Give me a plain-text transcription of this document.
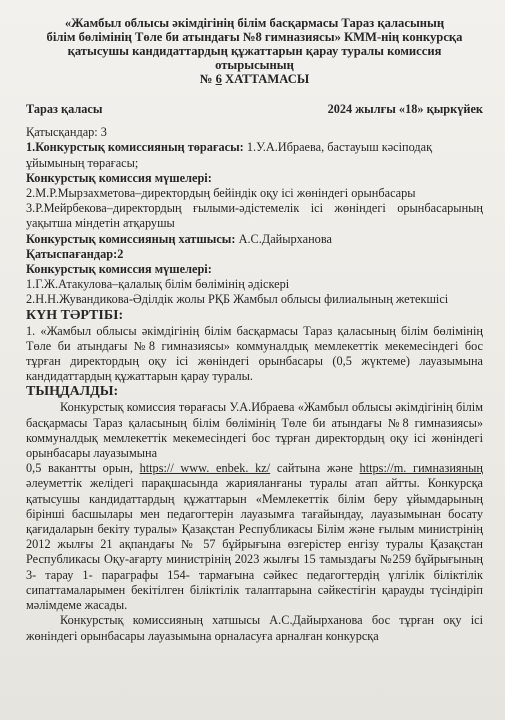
«Жамбыл облысы әкімдігінің білім басқармасы Тараз қаласының
білім бөлімінің Төле би атындағы №8 гимназиясы» КММ-нің конкурсқа
қатысушы кандидаттардың құжаттарын қарау туралы комиссия
отырысының
№ 6 ХАТТАМАСЫ
Тараз қаласы	2024 жылғы «18» қыркүйек

Қатысқандар: 3

1.Конкурстық комиссияның төрағасы: 1.У.А.Ибраева, бастауыш кәсіподақ ұйымының төрағасы;

Конкурстық комиссия мүшелері:

2.М.Р.Мырзахметова–директордың бейіндік оқу ісі жөніндегі орынбасары

3.Р.Мейрбекова–директордың ғылыми-әдістемелік ісі жөніндегі орынбасарының уақытша міндетін атқарушы

Конкурстық комиссияның хатшысы: А.С.Дайырханова

Қатыспағандар:2

Конкурстық комиссия мүшелері:

1.Г.Ж.Атакулова–қалалық білім бөлімінің әдіскері

2.Н.Н.Жувандикова-Әділдік жолы РҚБ Жамбыл облысы филиалының жетекшісі

КҮН ТӘРТІБІ:

1. «Жамбыл облысы әкімдігінің білім басқармасы Тараз қаласының білім бөлімінің Төле би атындағы №8 гимназиясы» коммуналдық мемлекеттік мекемесіндегі бос тұрған директордың оқу ісі жөніндегі орынбасары (0,5 жүктеме) лауазымына кандидаттардың құжаттарын қарау туралы.

ТЫҢДАЛДЫ:

Конкурстық комиссия төрағасы У.А.Ибраева «Жамбыл облысы әкімдігінің білім басқармасы Тараз қаласының білім бөлімінің Төле би атындағы №8 гимназиясы» коммуналдық мемлекеттік мекемесіндегі бос тұрған директордың оқу ісі жөніндегі орынбасары лауазымына

0,5 вакантты орын, https:// www. enbek. kz/ сайтына және https://m. гимназияның әлеуметтік желідегі парақшасында жарияланғаны туралы атап айтты. Конкурсқа қатысушы кандидаттардың құжаттарын «Мемлекеттік білім беру ұйымдарының бірінші басшылары мен педагогтерін лауазымға тағайындау, лауазымынан босату қағидаларын бекіту туралы» Қазақстан Республикасы Білім және ғылым министрінің 2012 жылғы 21 ақпандағы № 57 бұйрығына өзгерістер енгізу туралы Қазақстан Республикасы Оқу-ағарту министрінің 2023 жылғы 15 тамыздағы №259 бұйрығының 3- тарау 1- параграфы 154- тармағына сәйкес педагогтердің үлгілік біліктілік сипаттамаларымен бекітілген біліктілік талаптарына сәйкестігін қарауды түсіндіріп мәлімдеме жасады.

Конкурстық комиссияның хатшысы А.С.Дайырханова бос тұрған оқу ісі жөніндегі орынбасары лауазымына орналасуға арналған конкурсқа
